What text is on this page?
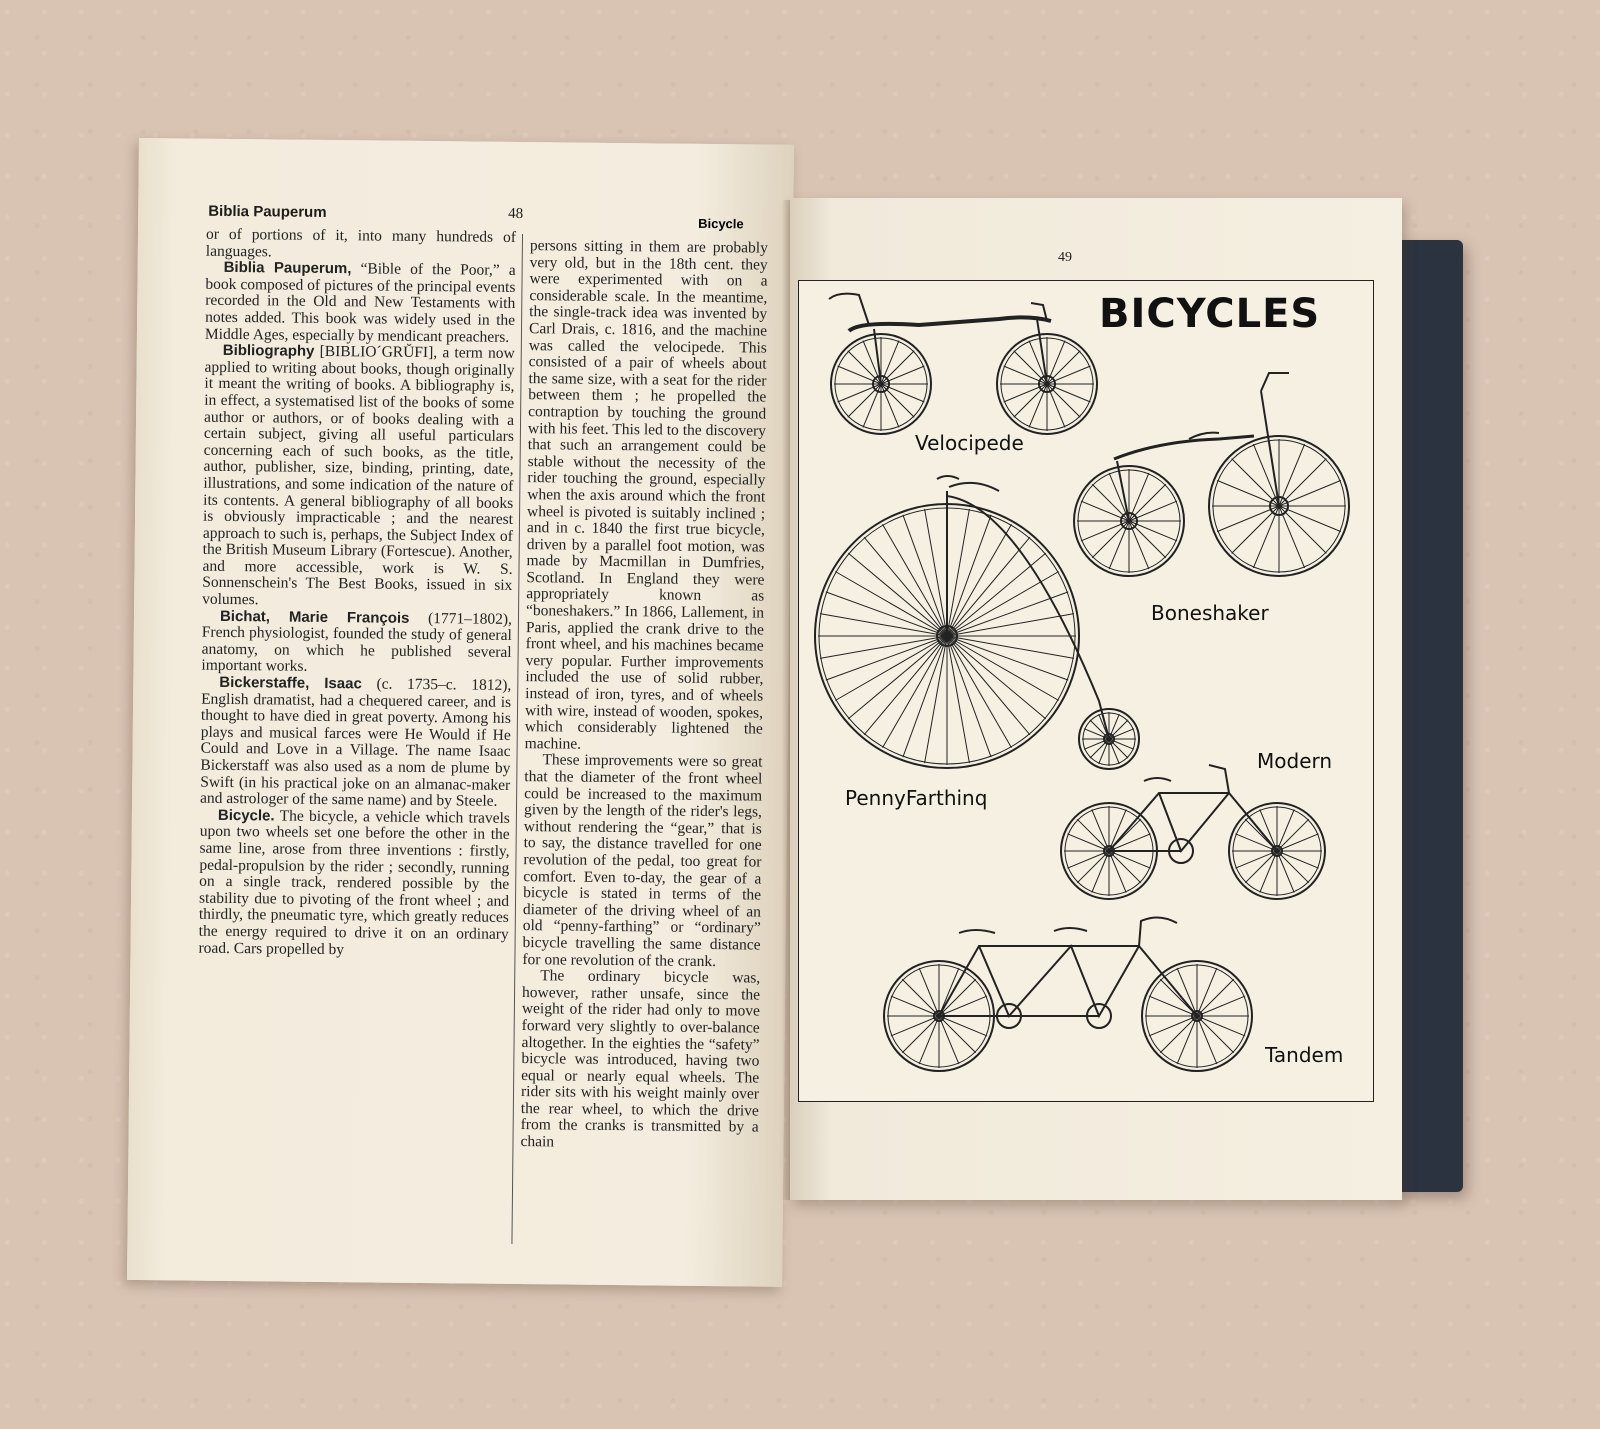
Biblia Pauperum	48
Bicycle

or of portions of it, into many hundreds of languages.

Biblia Pauperum, “Bible of the Poor,” a book composed of pictures of the principal events recorded in the Old and New Testaments with notes added. This book was widely used in the Middle Ages, especially by mendicant preachers.

Bibliography [BIBLIO´GRŬFI], a term now applied to writing about books, though originally it meant the writing of books. A bibliography is, in effect, a systematised list of the books of some author or authors, or of books dealing with a certain subject, giving all useful particulars concerning each of such books, as the title, author, publisher, size, binding, printing, date, illustrations, and some indication of the nature of its contents. A general bibliography of all books is obviously impracticable ; and the nearest approach to such is, perhaps, the Subject Index of the British Museum Library (Fortescue). Another, and more accessible, work is W. S. Sonnenschein's The Best Books, issued in six volumes.

Bichat, Marie François (1771–1802), French physiologist, founded the study of general anatomy, on which he published several important works.

Bickerstaffe, Isaac (c. 1735–c. 1812), English dramatist, had a chequered career, and is thought to have died in great poverty. Among his plays and musical farces were He Would if He Could and Love in a Village. The name Isaac Bickerstaff was also used as a nom de plume by Swift (in his practical joke on an almanac-maker and astrologer of the same name) and by Steele.

Bicycle. The bicycle, a vehicle which travels upon two wheels set one before the other in the same line, arose from three inventions : firstly, pedal-propulsion by the rider ; secondly, running on a single track, rendered possible by the stability due to pivoting of the front wheel ; and thirdly, the pneumatic tyre, which greatly reduces the energy required to drive it on an ordinary road. Cars propelled by

persons sitting in them are probably very old, but in the 18th cent. they were experimented with on a considerable scale. In the meantime, the single-track idea was invented by Carl Drais, c. 1816, and the machine was called the velocipede. This consisted of a pair of wheels about the same size, with a seat for the rider between them ; he propelled the contraption by touching the ground with his feet. This led to the discovery that such an arrangement could be stable without the necessity of the rider touching the ground, especially when the axis around which the front wheel is pivoted is suitably inclined ; and in c. 1840 the first true bicycle, driven by a parallel foot motion, was made by Macmillan in Dumfries, Scotland. In England they were appropriately known as “boneshakers.” In 1866, Lallement, in Paris, applied the crank drive to the front wheel, and his machines became very popular. Further improvements included the use of solid rubber, instead of iron, tyres, and of wheels with wire, instead of wooden, spokes, which considerably lightened the machine.

These improvements were so great that the diameter of the front wheel could be increased to the maximum given by the length of the rider's legs, without rendering the “gear,” that is to say, the distance travelled for one revolution of the pedal, too great for comfort. Even to-day, the gear of a bicycle is stated in terms of the diameter of the driving wheel of an old “penny-farthing” or “ordinary” bicycle travelling the same distance for one revolution of the crank.

The ordinary bicycle was, however, rather unsafe, since the weight of the rider had only to move forward very slightly to over-balance altogether. In the eighties the “safety” bicycle was introduced, having two equal or nearly equal wheels. The rider sits with his weight mainly over the rear wheel, to which the drive from the cranks is transmitted by a chain

49
BICYCLES
Velocipede
Boneshaker
PennyFarthinq
Modern
Tandem
